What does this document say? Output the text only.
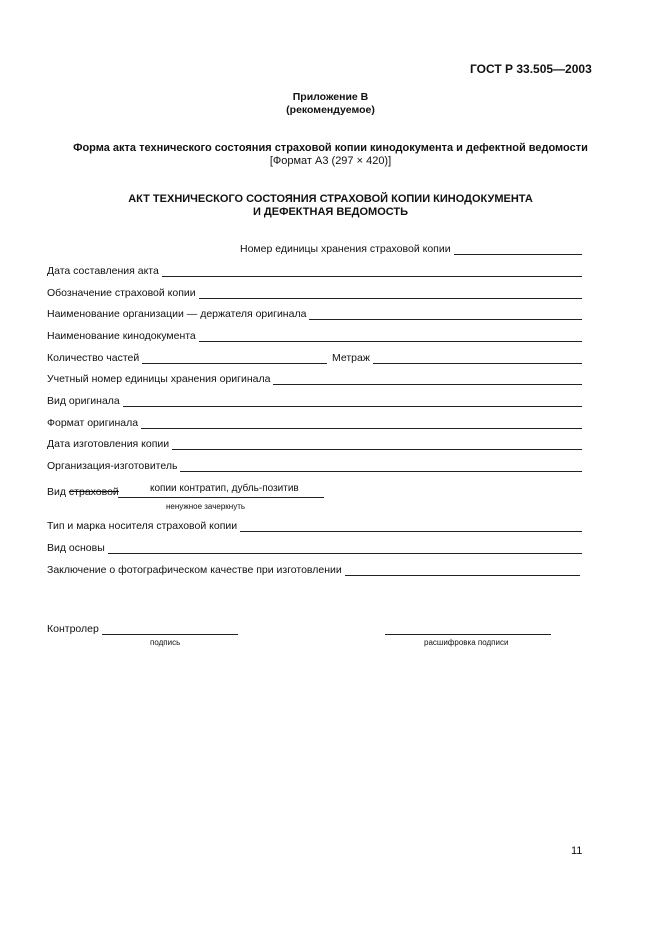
ГОСТ Р 33.505—2003
Приложение В
(рекомендуемое)
Форма акта технического состояния страховой копии кинодокумента и дефектной ведомости
[Формат А3 (297 × 420)]
АКТ ТЕХНИЧЕСКОГО СОСТОЯНИЯ СТРАХОВОЙ КОПИИ КИНОДОКУМЕНТА
И ДЕФЕКТНАЯ ВЕДОМОСТЬ
Номер единицы хранения страховой копии
Дата составления акта
Обозначение страховой копии
Наименование организации — держателя оригинала
Наименование кинодокумента
Количество частей	Метраж
Учетный номер единицы хранения оригинала
Вид оригинала
Формат оригинала
Дата изготовления копии
Организация-изготовитель
Вид страховой	копии контратип, дубль-позитив
ненужное зачеркнуть
Тип и марка носителя страховой копии
Вид основы
Заключение о фотографическом качестве при изготовлении
Контролер
подпись	расшифровка подписи
11
